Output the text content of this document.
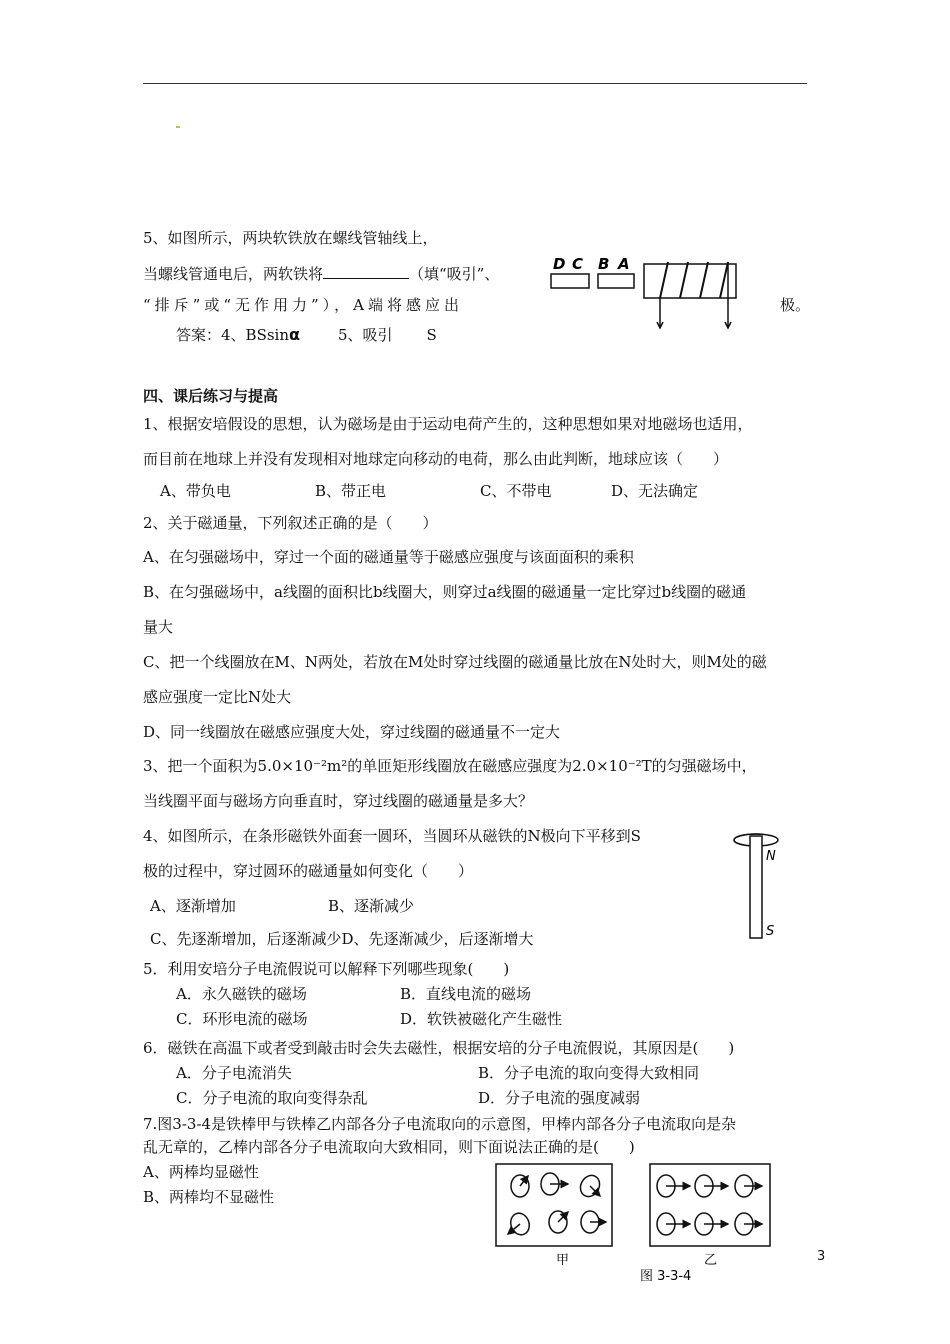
5、如图所示，两块软铁放在螺线管轴线上，
当螺线管通电后，两软铁将	（填“吸引”、
“排斥”或“无作用力”），A端将感应出	极。
答案：4、BSsinα	5、吸引 S
D C B A
四、课后练习与提高
1、根据安培假设的思想，认为磁场是由于运动电荷产生的，这种思想如果对地磁场也适用，
而目前在地球上并没有发现相对地球定向移动的电荷，那么由此判断，地球应该（　　）
A、带负电	B、带正电	C、不带电	D、无法确定
2、关于磁通量，下列叙述正确的是（　　）
A、在匀强磁场中，穿过一个面的磁通量等于磁感应强度与该面面积的乘积
B、在匀强磁场中，a线圈的面积比b线圈大，则穿过a线圈的磁通量一定比穿过b线圈的磁通
量大
C、把一个线圈放在M、N两处，若放在M处时穿过线圈的磁通量比放在N处时大，则M处的磁
感应强度一定比N处大
D、同一线圈放在磁感应强度大处，穿过线圈的磁通量不一定大
3、把一个面积为5.0×10⁻²m²的单匝矩形线圈放在磁感应强度为2.0×10⁻²T的匀强磁场中，
当线圈平面与磁场方向垂直时，穿过线圈的磁通量是多大？
4、如图所示，在条形磁铁外面套一圆环，当圆环从磁铁的N极向下平移到S
极的过程中，穿过圆环的磁通量如何变化（　　）
A、逐渐增加	B、逐渐减少
C、先逐渐增加，后逐渐减少D、先逐渐减少，后逐渐增大
N
S
5．利用安培分子电流假说可以解释下列哪些现象(　　)
A．永久磁铁的磁场	B．直线电流的磁场
C．环形电流的磁场	D．软铁被磁化产生磁性
6．磁铁在高温下或者受到敲击时会失去磁性，根据安培的分子电流假说，其原因是(　　)
A．分子电流消失	B．分子电流的取向变得大致相同
C．分子电流的取向变得杂乱	D．分子电流的强度减弱
7.图3-3-4是铁棒甲与铁棒乙内部各分子电流取向的示意图，甲棒内部各分子电流取向是杂
乱无章的，乙棒内部各分子电流取向大致相同，则下面说法正确的是(　　)
A、两棒均显磁性
B、两棒均不显磁性
甲	乙
图 3-3-4
3
